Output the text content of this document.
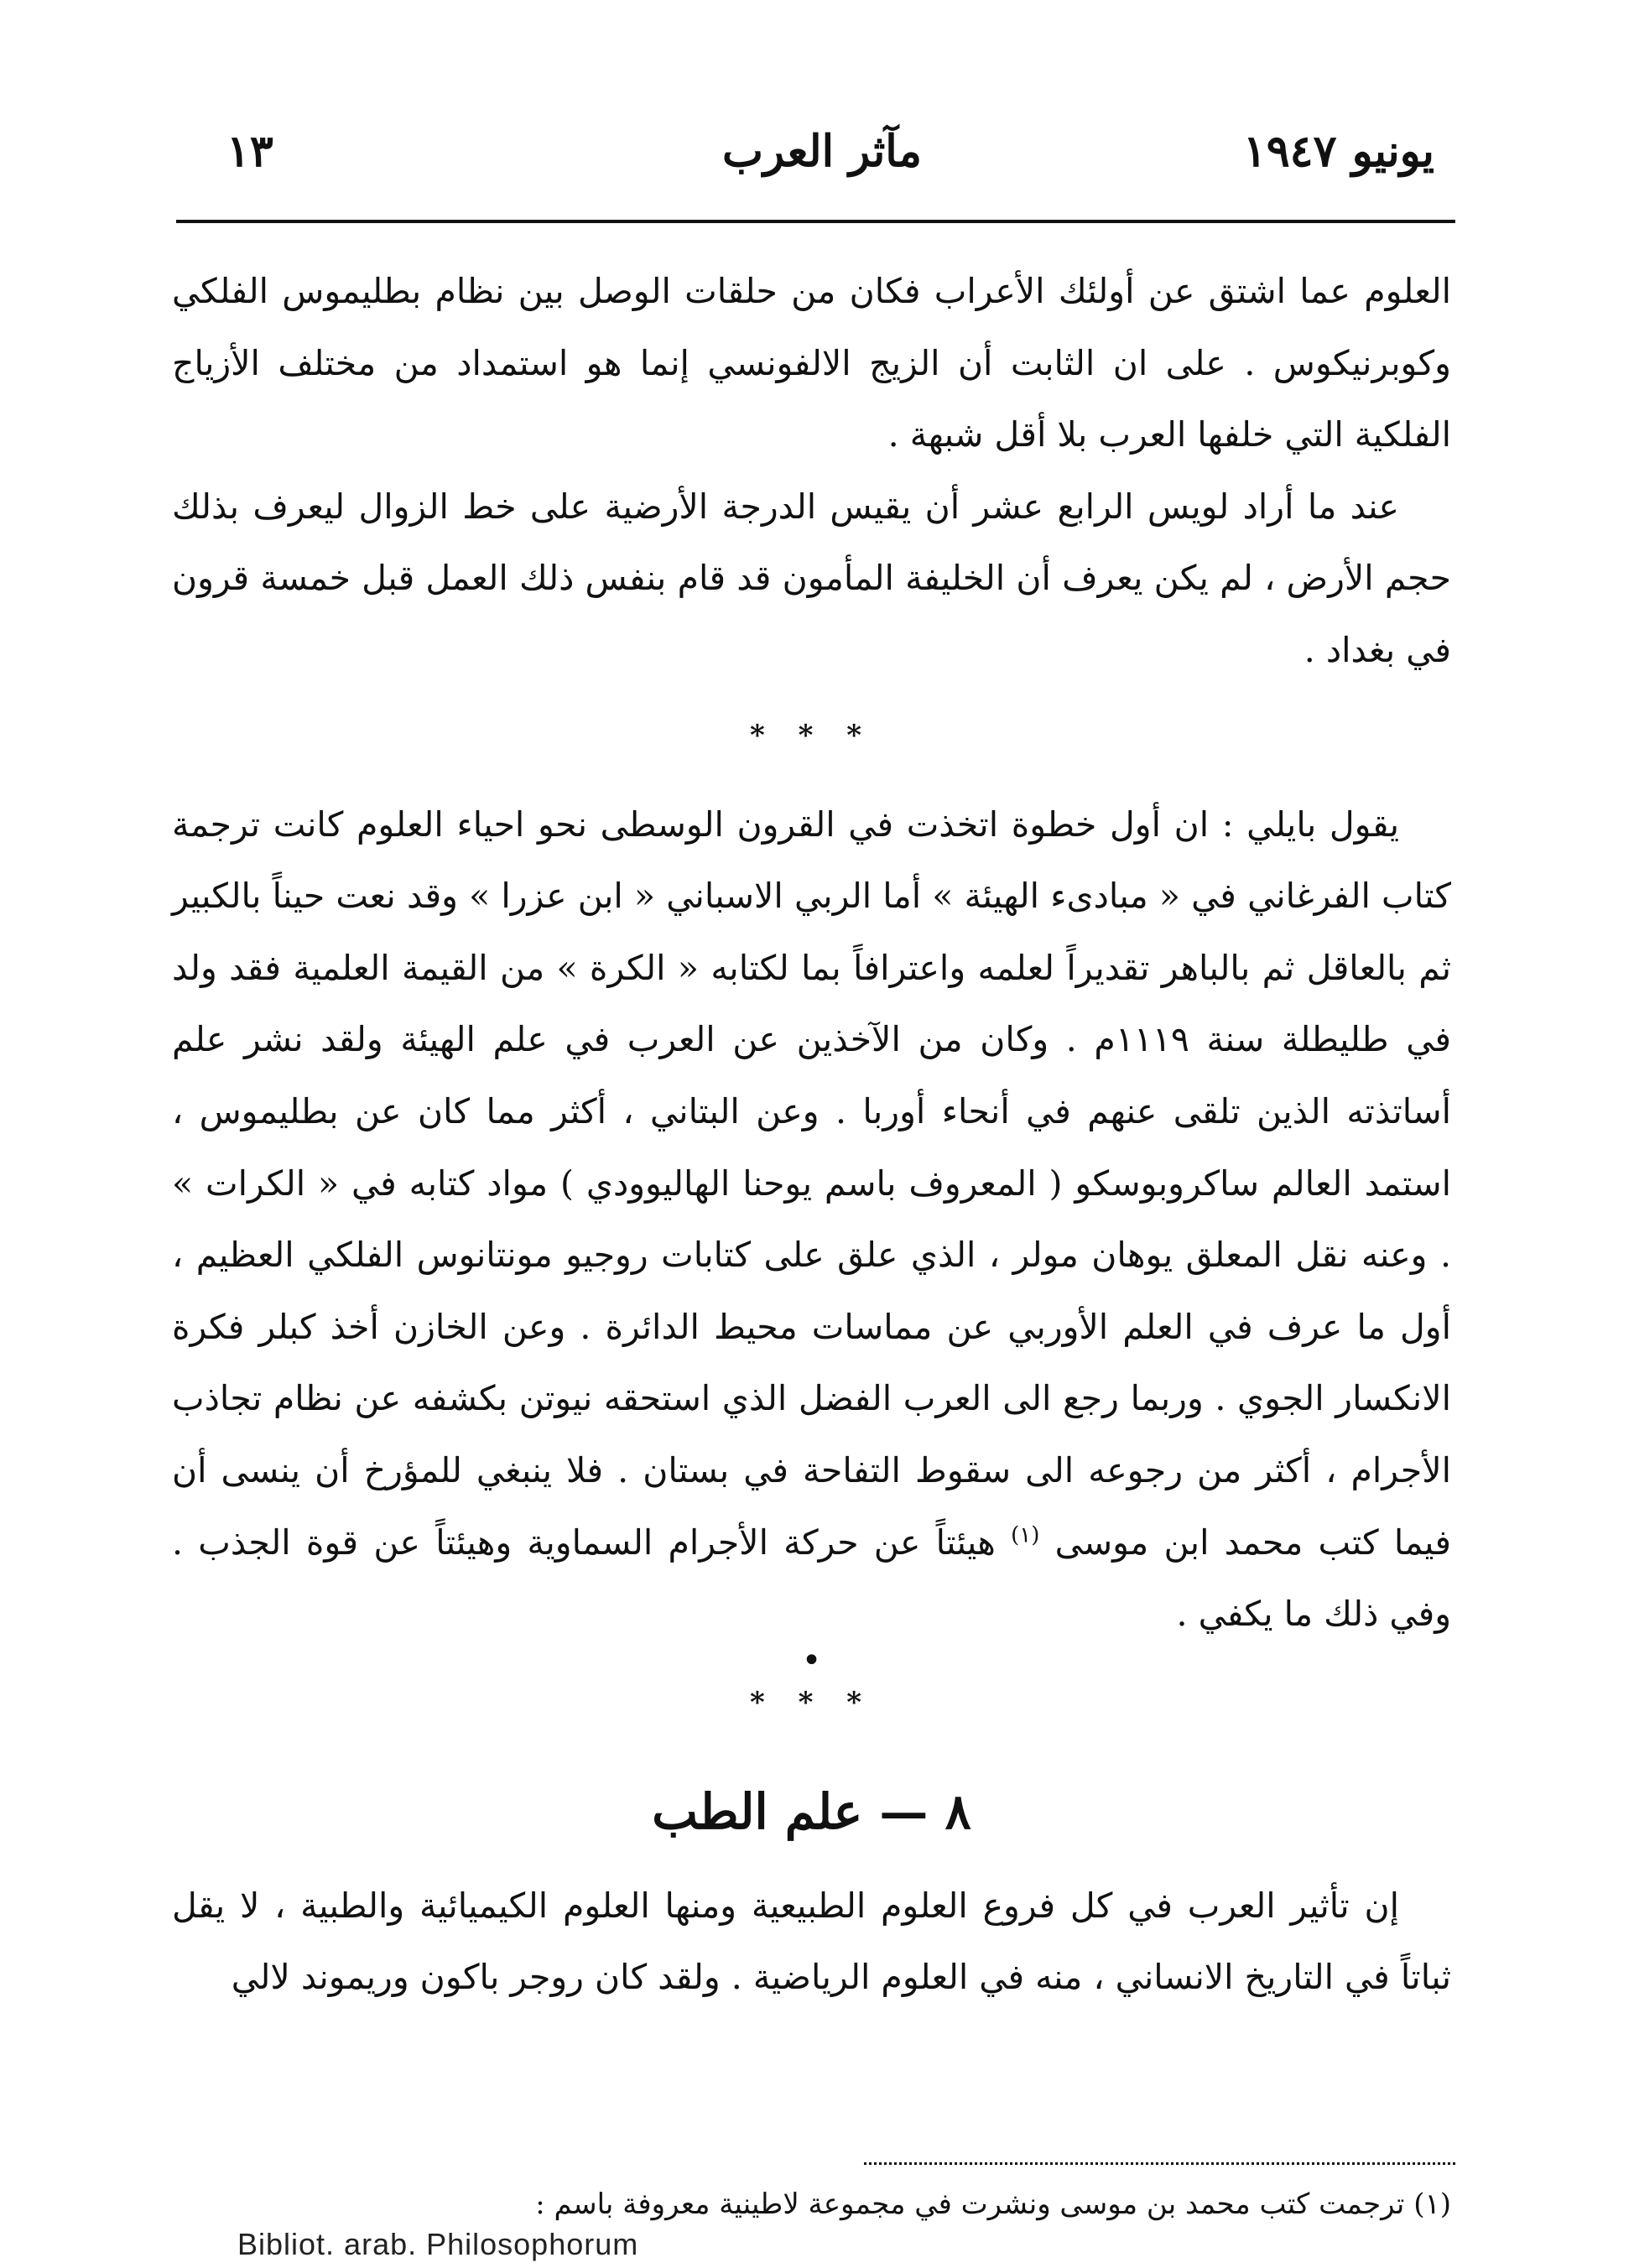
يونيو ١٩٤٧
مآثر العرب
١٣

العلوم عما اشتق عن أولئك الأعراب فكان من حلقات الوصل بين نظام بطليموس الفلكي وكوبرنيكوس . على ان الثابت أن الزيج الالفونسي إنما هو استمداد من مختلف الأزياج الفلكية التي خلفها العرب بلا أقل شبهة .

عند ما أراد لويس الرابع عشر أن يقيس الدرجة الأرضية على خط الزوال ليعرف بذلك حجم الأرض ، لم يكن يعرف أن الخليفة المأمون قد قام بنفس ذلك العمل قبل خمسة قرون في بغداد .

* * *

يقول بايلي : ان أول خطوة اتخذت في القرون الوسطى نحو احياء العلوم كانت ترجمة كتاب الفرغاني في « مبادىء الهيئة » أما الربي الاسباني « ابن عزرا » وقد نعت حيناً بالكبير ثم بالعاقل ثم بالباهر تقديراً لعلمه واعترافاً بما لكتابه « الكرة » من القيمة العلمية فقد ولد في طليطلة سنة ١١١٩م . وكان من الآخذين عن العرب في علم الهيئة ولقد نشر علم أساتذته الذين تلقى عنهم في أنحاء أوربا . وعن البتاني ، أكثر مما كان عن بطليموس ، استمد العالم ساكروبوسكو ( المعروف باسم يوحنا الهاليوودي ) مواد كتابه في « الكرات » . وعنه نقل المعلق يوهان مولر ، الذي علق على كتابات روجيو مونتانوس الفلكي العظيم ، أول ما عرف في العلم الأوربي عن مماسات محيط الدائرة . وعن الخازن أخذ كبلر فكرة الانكسار الجوي . وربما رجع الى العرب الفضل الذي استحقه نيوتن بكشفه عن نظام تجاذب الأجرام ، أكثر من رجوعه الى سقوط التفاحة في بستان . فلا ينبغي للمؤرخ أن ينسى أن فيما كتب محمد ابن موسى $^{(١)}$ هيئتاً عن حركة الأجرام السماوية وهيئتاً عن قوة الجذب . وفي ذلك ما يكفي .

•
* * *
٨ — علم الطب

إن تأثير العرب في كل فروع العلوم الطبيعية ومنها العلوم الكيميائية والطبية ، لا يقل ثباتاً في التاريخ الانساني ، منه في العلوم الرياضية . ولقد كان روجر باكون وريموند لالي

(١) ترجمت كتب محمد بن موسى ونشرت في مجموعة لاطينية معروفة باسم :
Bibliot. arab. Philosophorum
